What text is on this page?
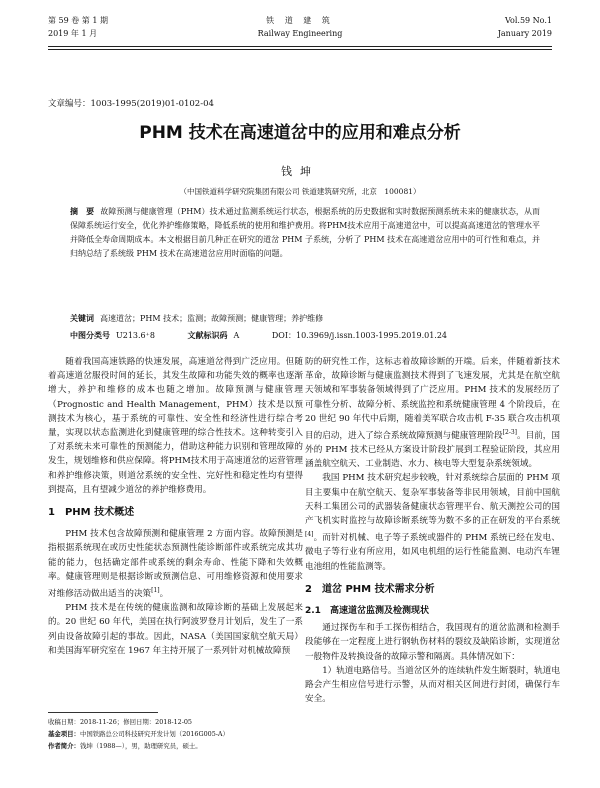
第 59 卷 第 1 期
2019 年 1 月
铁 道 建 筑
Railway Engineering
Vol.59 No.1
January 2019
文章编号：1003-1995(2019)01-0102-04
PHM 技术在高速道岔中的应用和难点分析
钱坤
（中国铁道科学研究院集团有限公司 铁道建筑研究所，北京　100081）
摘　要 故障预测与健康管理（PHM）技术通过监测系统运行状态，根据系统的历史数据和实时数据预测系统未来的健康状态，从而保障系统运行安全，优化养护维修策略，降低系统的使用和维护费用。将PHM技术应用于高速道岔中，可以提高高速道岔的管理水平并降低全寿命周期成本。本文根据目前几种正在研究的道岔 PHM 子系统，分析了 PHM 技术在高速道岔应用中的可行性和难点，并归纳总结了系统级 PHM 技术在高速道岔应用时面临的问题。
关键词 高速道岔；PHM 技术；监测；故障预测；健康管理；养护维修
中图分类号 U213.6⁺8	文献标识码 A	DOI：10.3969/j.issn.1003-1995.2019.01.24

随着我国高速铁路的快速发展，高速道岔得到广泛应用。但随着高速道岔服役时间的延长，其发生故障和功能失效的概率也逐渐增大，养护和维修的成本也随之增加。故障预测与健康管理（Prognostic and Health Management，PHM）技术是以预测技术为核心，基于系统的可靠性、安全性和经济性进行综合考量，实现以状态监测进化到健康管理的综合性技术。这种转变引入了对系统未来可靠性的预测能力，借助这种能力识别和管理故障的发生，规划维修和供应保障。将PHM技术用于高速道岔的运营管理和养护维修决策，则道岔系统的安全性、完好性和稳定性均有望得到提高，且有望减少道岔的养护维修费用。

1　PHM 技术概述

PHM 技术包含故障预测和健康管理 2 方面内容。故障预测是指根据系统现在或历史性能状态预测性能诊断部件或系统完成其功能的能力，包括确定部件或系统的剩余寿命、性能下降和失效概率。健康管理则是根据诊断或预测信息、可用维修资源和使用要求对维修活动做出适当的决策[1]。

PHM 技术是在传统的健康监测和故障诊断的基础上发展起来的。20 世纪 60 年代，美国在执行阿波罗登月计划后，发生了一系列由设备故障引起的事故。因此，NASA（美国国家航空航天局）和美国海军研究室在 1967 年主持开展了一系列针对机械故障预

防的研究性工作，这标志着故障诊断的开端。后来，伴随着新技术革命，故障诊断与健康监测技术得到了飞速发展，尤其是在航空航天领域和军事装备领域得到了广泛应用。PHM 技术的发展经历了可靠性分析、故障分析、系统监控和系统健康管理 4 个阶段后，在 20 世纪 90 年代中后期，随着美军联合攻击机 F-35 联合攻击机项目的启动，进入了综合系统故障预测与健康管理阶段[2-3]。目前，国外的 PHM 技术已经从方案设计阶段扩展到工程验证阶段，其应用涵盖航空航天、工业制造、水力、核电等大型复杂系统领域。

我国 PHM 技术研究起步较晚，针对系统综合层面的 PHM 项目主要集中在航空航天、复杂军事装备等非民用领域，目前中国航天科工集团公司的武器装备健康状态管理平台、航天测控公司的国产飞机实时监控与故障诊断系统等为数不多的正在研发的平台系统[4]。而针对机械、电子等子系统或器件的 PHM 系统已经在发电、微电子等行业有所应用，如风电机组的运行性能监测、电动汽车锂电池组的性能监测等。

2　道岔 PHM 技术需求分析
2.1　高速道岔监测及检测现状

通过探伤车和手工探伤相结合，我国现有的道岔监测和检测手段能够在一定程度上进行钢轨伤材料的裂纹及缺陷诊断，实现道岔一般物件及转换设备的故障示警和隔离。具体情况如下：

1）轨道电路信号。当道岔区外的连续轨件发生断裂时，轨道电路会产生相应信号进行示警，从而对相关区间进行封闭，确保行车安全。

收稿日期：2018-11-26；修回日期：2018-12-05
基金项目：中国铁路总公司科技研究开发计划（2016G005-A）
作者简介：钱坤（1988—），男，助理研究员，硕士。
